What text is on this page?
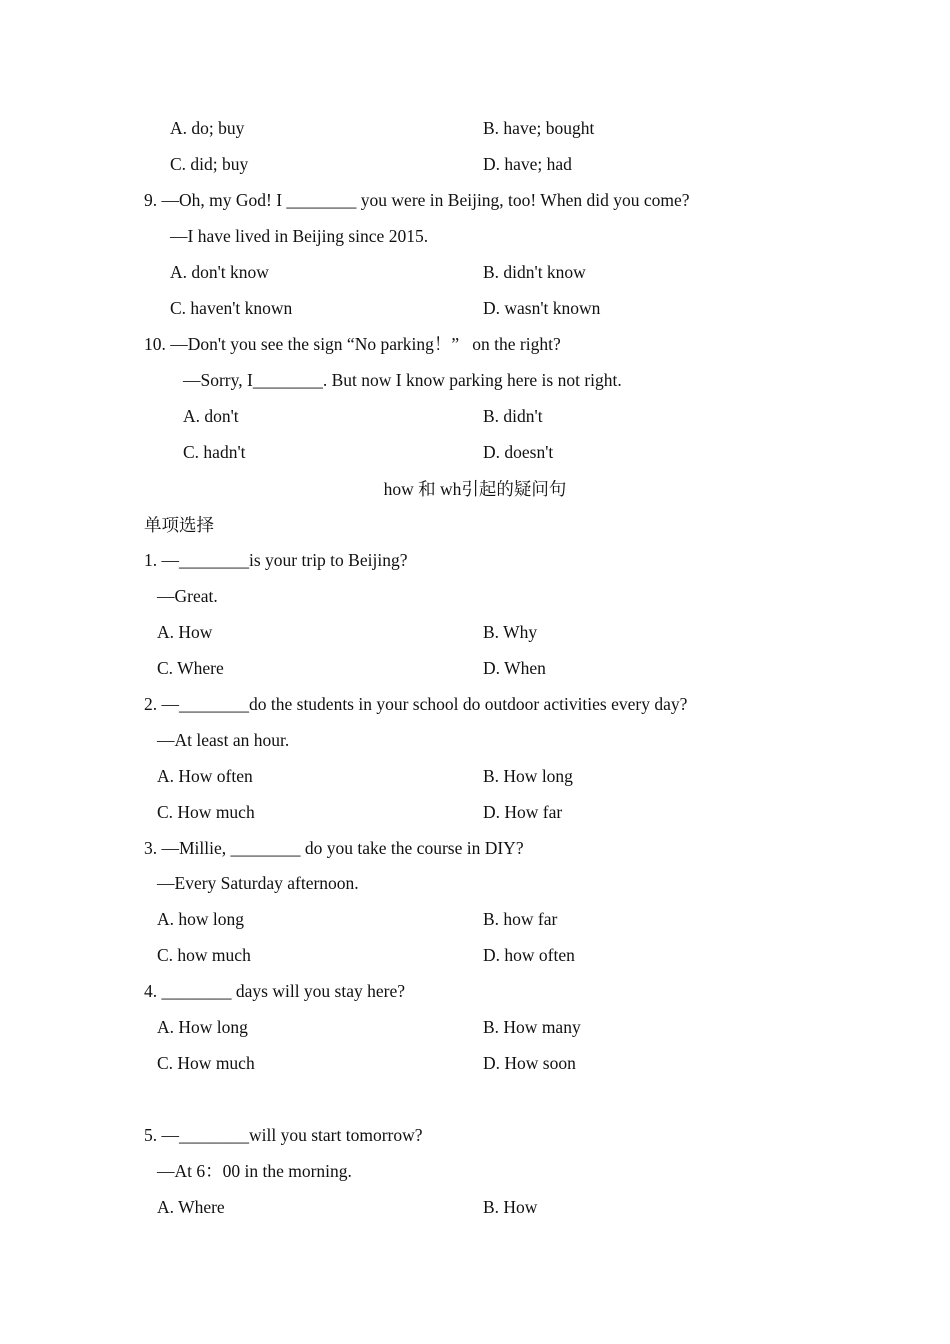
A. do; buy	B. have; bought
C. did; buy	D. have; had
9. —Oh, my God! I ________ you were in Beijing, too! When did you come?
—I have lived in Beijing since 2015.
A. don't know	B. didn't know
C. haven't known	D. wasn't known
10. —Don't you see the sign “No parking！”   on the right?
—Sorry, I________. But now I know parking here is not right.
A. don't	B. didn't
C. hadn't	D. doesn't
how 和 wh引起的疑问句
单项选择
1. —________is your trip to Beijing?
—Great.
A. How	B. Why
C. Where	D. When
2. —________do the students in your school do outdoor activities every day?
—At least an hour.
A. How often	B. How long
C. How much	D. How far
3. —Millie, ________ do you take the course in DIY?
—Every Saturday afternoon.
A. how long	B. how far
C. how much	D. how often
4. ________ days will you stay here?
A. How long	B. How many
C. How much	D. How soon
5. —________will you start tomorrow?
—At 6：00 in the morning.
A. Where	B. How
